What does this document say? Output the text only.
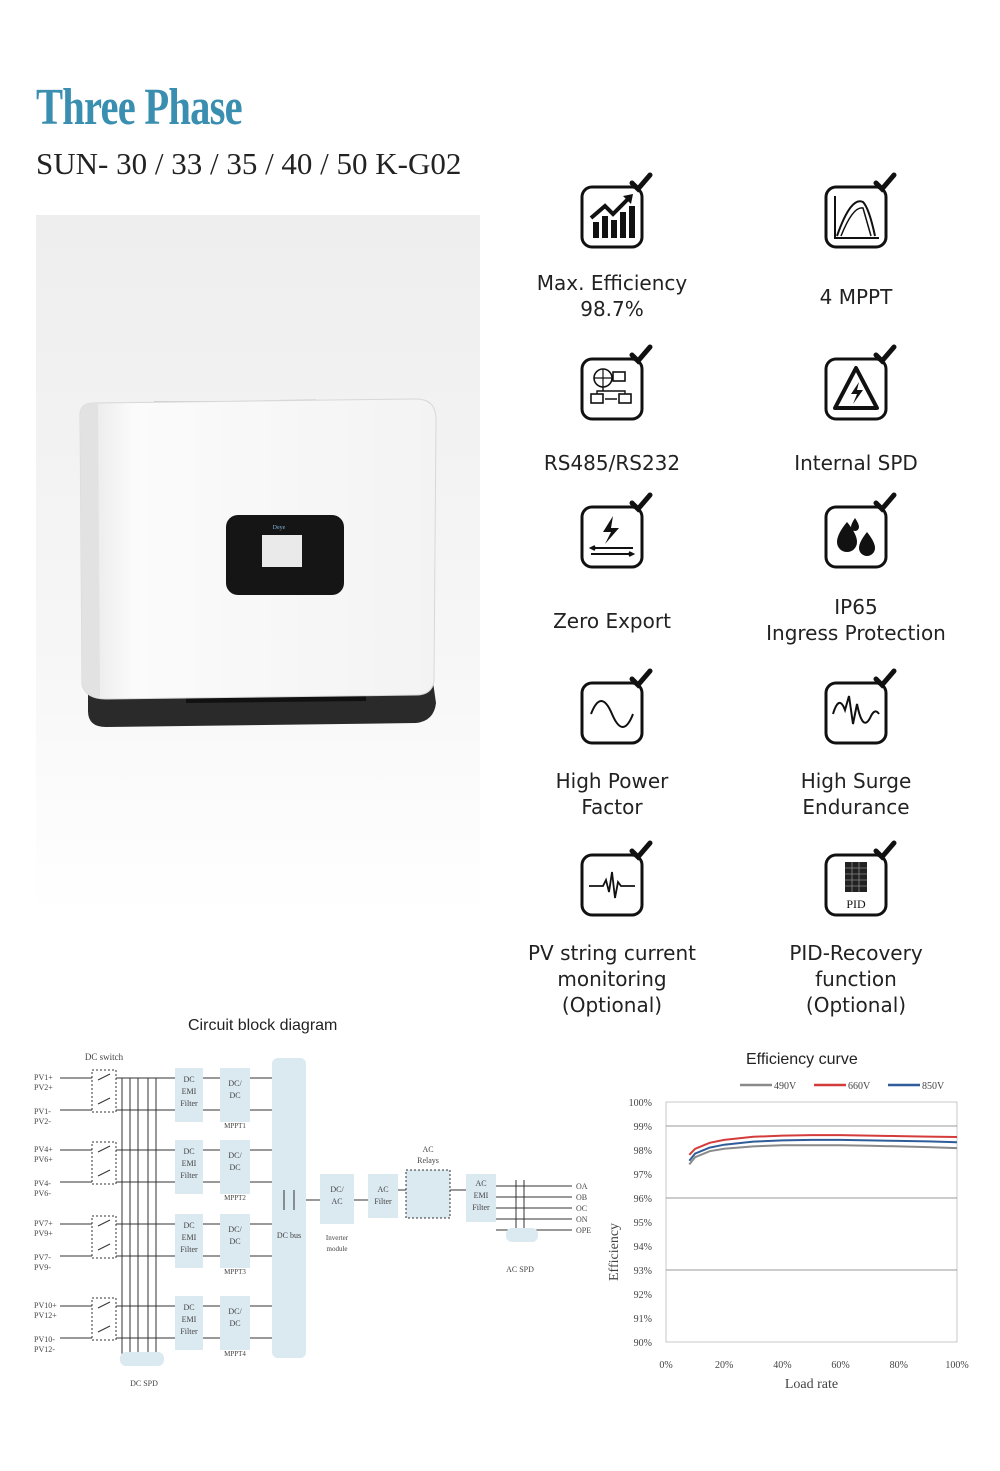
Three Phase
SUN- 30 / 33 / 35 / 40 / 50 K-G02
Deye
Max. Efficiency
98.7%	4 MPPT
RS485/RS232	Internal SPD
Zero Export
IP65
Ingress Protection
High Power
Factor
High Surge
Endurance
PV string current
monitoring
(Optional)
PID
PID-Recovery
function
(Optional)
Circuit block diagram
DC switch
PV1+
PV2+
PV1-
PV2-
DC
EMI
Filter
DC/
DC
MPPT1
PV4+
PV6+
PV4-
PV6-
DC
EMI
Filter
DC/
DC
MPPT2
PV7+
PV9+
PV7-
PV9-
DC
EMI
Filter
DC/
DC
MPPT3
PV10+
PV12+
PV10-
PV12-
DC
EMI
Filter
DC/
DC
MPPT4
DC SPD
DC bus
DC/
AC
Inverter
module
AC
Filter
AC
Relays
AC
EMI
Filter
OA
OB
OC
ON
OPE
AC SPD
Efficiency curve
90%
91%
92%
93%
94%
95%
96%
97%
98%
99%
100%
0%	20%	40%	60%	80%	100%
Load rate
Efficiency
490V	660V	850V
